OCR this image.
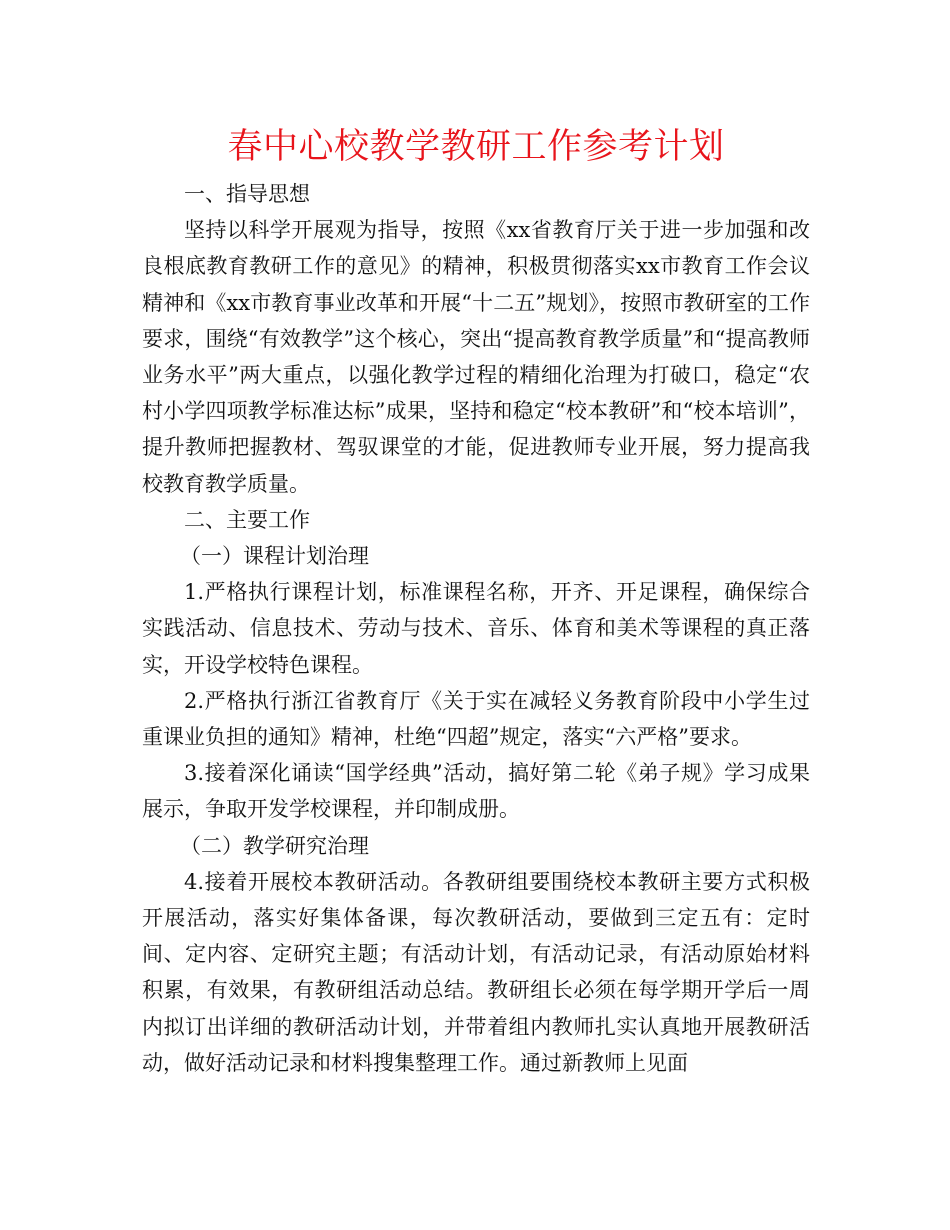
春中心校教学教研工作参考计划

一、指导思想

坚持以科学开展观为指导，按照《xx省教育厅关于进一步加强和改良根底教育教研工作的意见》的精神，积极贯彻落实xx市教育工作会议精神和《xx市教育事业改革和开展“十二五”规划》，按照市教研室的工作要求，围绕“有效教学”这个核心，突出“提高教育教学质量”和“提高教师业务水平”两大重点，以强化教学过程的精细化治理为打破口，稳定“农村小学四项教学标准达标”成果，坚持和稳定“校本教研”和“校本培训”，提升教师把握教材、驾驭课堂的才能，促进教师专业开展，努力提高我校教育教学质量。

二、主要工作

（一）课程计划治理

1.严格执行课程计划，标准课程名称，开齐、开足课程，确保综合实践活动、信息技术、劳动与技术、音乐、体育和美术等课程的真正落实，开设学校特色课程。

2.严格执行浙江省教育厅《关于实在减轻义务教育阶段中小学生过重课业负担的通知》精神，杜绝“四超”规定，落实“六严格”要求。

3.接着深化诵读“国学经典”活动，搞好第二轮《弟子规》学习成果展示，争取开发学校课程，并印制成册。

（二）教学研究治理

4.接着开展校本教研活动。各教研组要围绕校本教研主要方式积极开展活动，落实好集体备课，每次教研活动，要做到三定五有：定时间、定内容、定研究主题；有活动计划，有活动记录，有活动原始材料积累，有效果，有教研组活动总结。教研组长必须在每学期开学后一周内拟订出详细的教研活动计划，并带着组内教师扎实认真地开展教研活动，做好活动记录和材料搜集整理工作。通过新教师上见面
